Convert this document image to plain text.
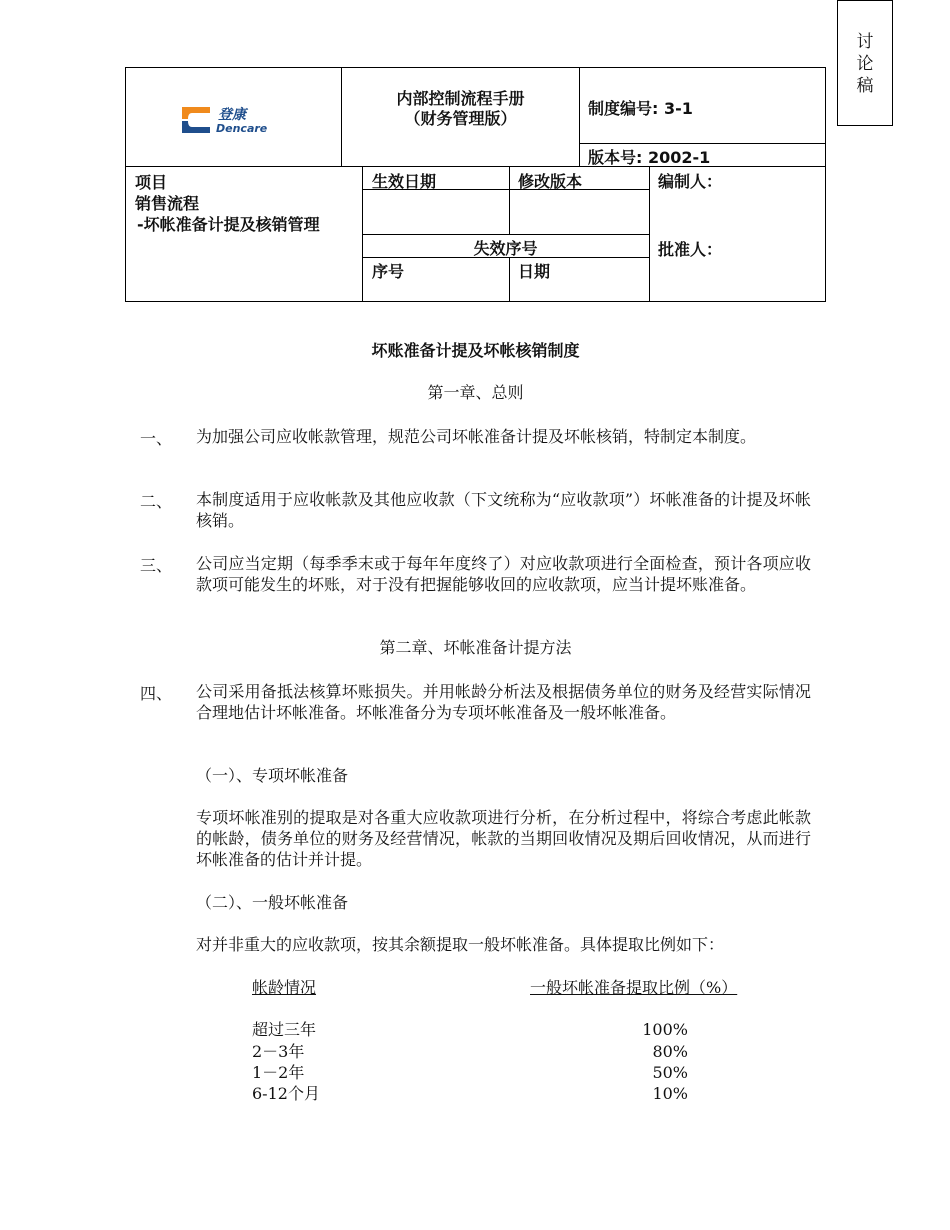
讨
论
稿
登康
Dencare
内部控制流程手册
（财务管理版）
制度编号: 3-1
版本号: 2002-1
项目
销售流程
-坏帐准备计提及核销管理
生效日期	修改版本
失效序号
序号	日期
编制人：
批准人：
坏账准备计提及坏帐核销制度
第一章、总则
一、 为加强公司应收帐款管理，规范公司坏帐准备计提及坏帐核销，特制定本制度。
二、 本制度适用于应收帐款及其他应收款（下文统称为“应收款项”）坏帐准备的计提及坏帐核销。
三、 公司应当定期（每季季末或于每年年度终了）对应收款项进行全面检查，预计各项应收款项可能发生的坏账，对于没有把握能够收回的应收款项，应当计提坏账准备。
第二章、坏帐准备计提方法
四、 公司采用备抵法核算坏账损失。并用帐龄分析法及根据债务单位的财务及经营实际情况合理地估计坏帐准备。坏帐准备分为专项坏帐准备及一般坏帐准备。
（一）、专项坏帐准备
专项坏帐准别的提取是对各重大应收款项进行分析，在分析过程中，将综合考虑此帐款的帐龄，债务单位的财务及经营情况，帐款的当期回收情况及期后回收情况，从而进行坏帐准备的估计并计提。
（二）、一般坏帐准备
对并非重大的应收款项，按其余额提取一般坏帐准备。具体提取比例如下：
帐龄情况	一般坏帐准备提取比例（%）
超过三年	100%
2－3年	80%
1－2年	50%
6-12个月	10%
